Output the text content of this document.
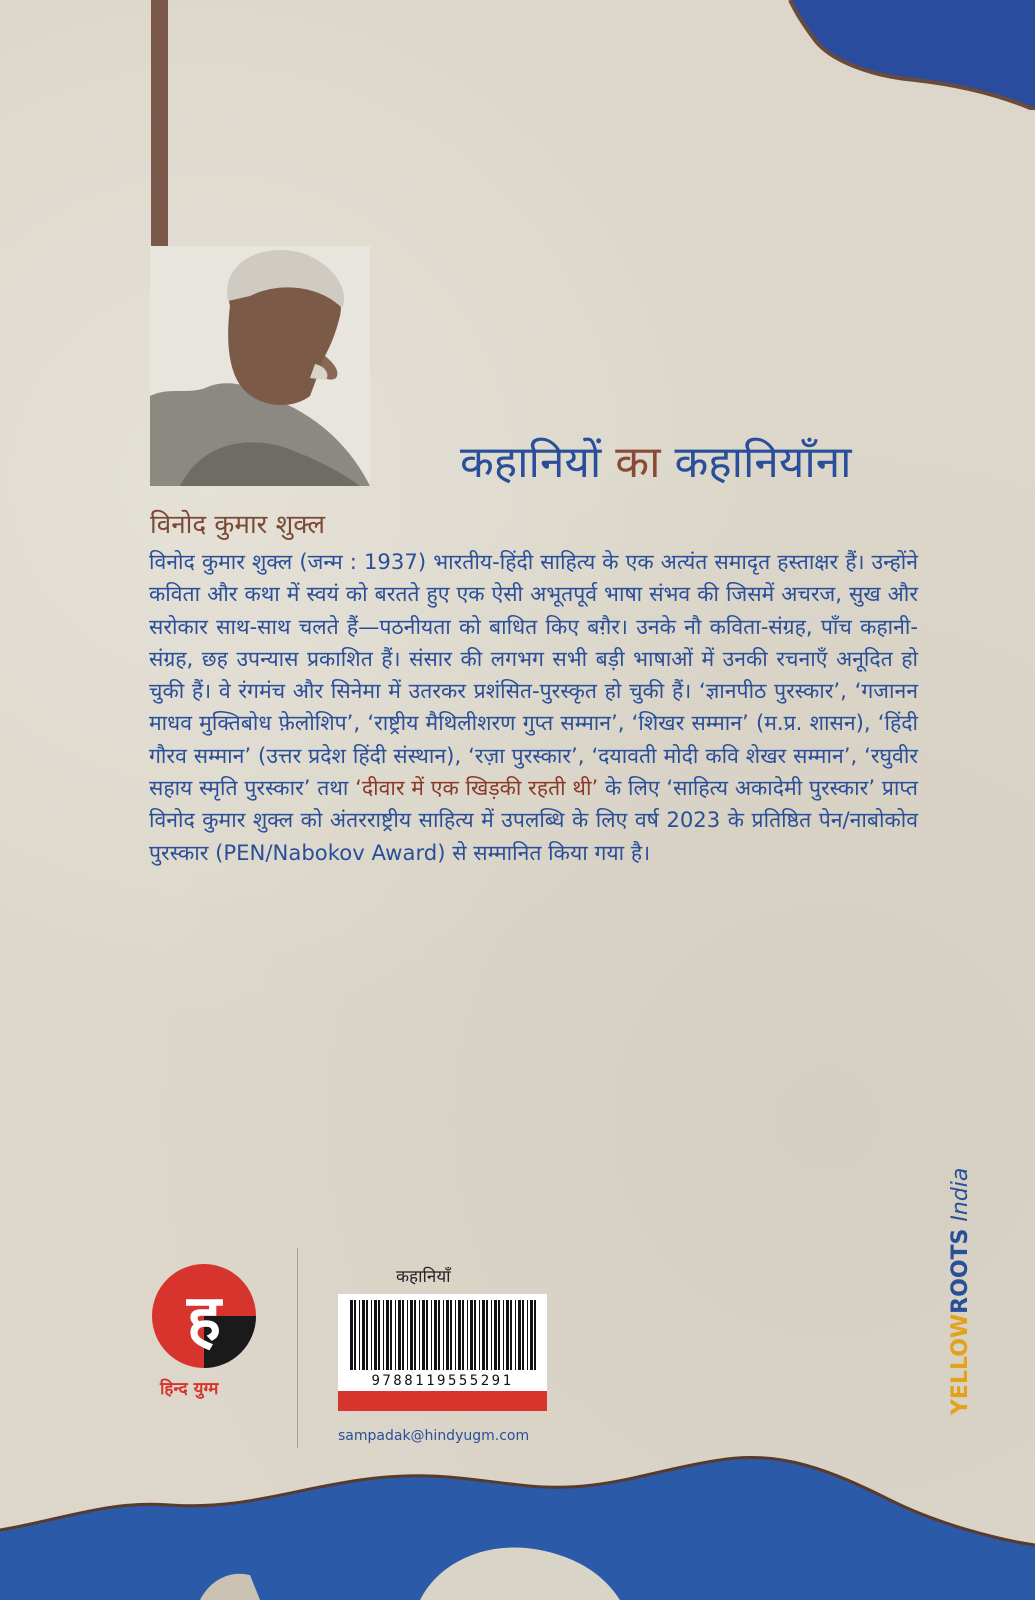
कहानियों का कहानियाँना
विनोद कुमार शुक्ल
विनोद कुमार शुक्ल (जन्म : 1937) भारतीय-हिंदी साहित्य के एक अत्यंत समादृत हस्ताक्षर हैं। उन्होंने कविता और कथा में स्वयं को बरतते हुए एक ऐसी अभूतपूर्व भाषा संभव की जिसमें अचरज, सुख और सरोकार साथ-साथ चलते हैं—पठनीयता को बाधित किए बग़ैर। उनके नौ कविता-संग्रह, पाँच कहानी-संग्रह, छह उपन्यास प्रकाशित हैं। संसार की लगभग सभी बड़ी भाषाओं में उनकी रचनाएँ अनूदित हो चुकी हैं। वे रंगमंच और सिनेमा में उतरकर प्रशंसित-पुरस्कृत हो चुकी हैं। ‘ज्ञानपीठ पुरस्कार’, ‘गजानन माधव मुक्तिबोध फ़ेलोशिप’, ‘राष्ट्रीय मैथिलीशरण गुप्त सम्मान’, ‘शिखर सम्मान’ (म.प्र. शासन), ‘हिंदी गौरव सम्मान’ (उत्तर प्रदेश हिंदी संस्थान), ‘रज़ा पुरस्कार’, ‘दयावती मोदी कवि शेखर सम्मान’, ‘रघुवीर सहाय स्मृति पुरस्कार’ तथा ‘दीवार में एक खिड़की रहती थी’ के लिए ‘साहित्य अकादेमी पुरस्कार’ प्राप्त विनोद कुमार शुक्ल को अंतरराष्ट्रीय साहित्य में उपलब्धि के लिए वर्ष 2023 के प्रतिष्ठित पेन/नाबोकोव पुरस्कार (PEN/Nabokov Award) से सम्मानित किया गया है।
YELLOWROOTS India
ह
हिन्द युग्म
कहानियाँ
9788119555291
sampadak@hindyugm.com
